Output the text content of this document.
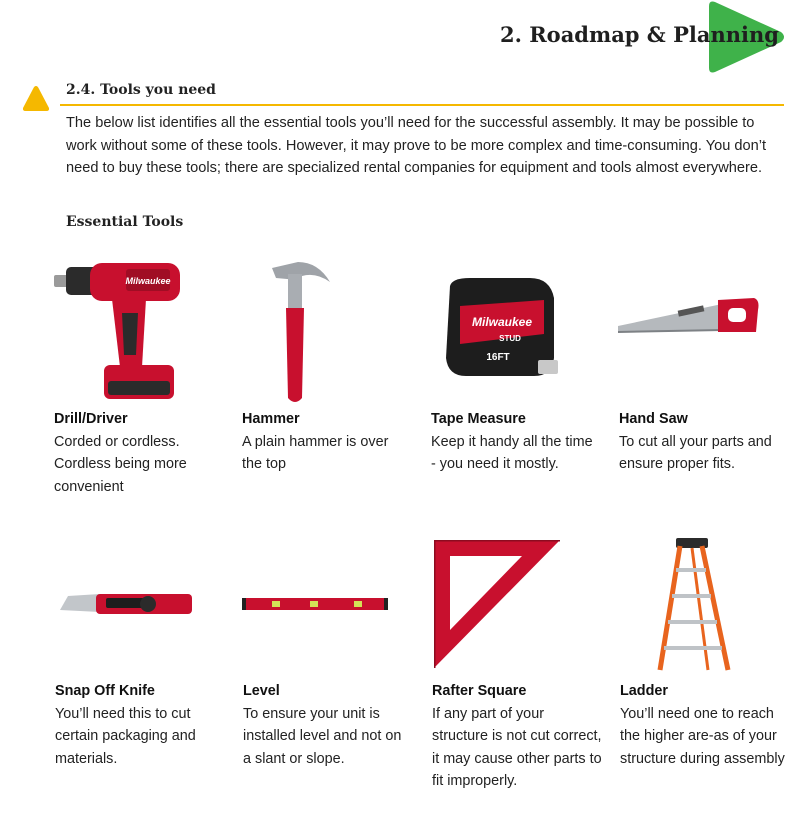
2. Roadmap & Planning
2.4. Tools you need
The below list identifies all the essential tools you’ll need for the successful assembly. It may be possible to work without some of these tools. However, it may prove to be more complex and time-consuming. You don’t need to buy these tools; there are specialized rental companies for equipment and tools almost everywhere.
Essential Tools
Milwaukee
Drill/Driver
Corded or cordless. Cordless being more convenient
Hammer
A plain hammer is over the top
Milwaukee
STUD
16FT
Tape Measure
Keep it handy all the time - you need it mostly.
Hand Saw
To cut all your parts and ensure proper fits.
Snap Off Knife
You’ll need this to cut certain packaging and materials.
Level
To ensure your unit is installed level and not on a slant or slope.
Rafter Square
If any part of your structure is not cut correct, it may cause other parts to fit improperly.
Ladder
You’ll need one to reach the higher are-as of your structure during assembly
